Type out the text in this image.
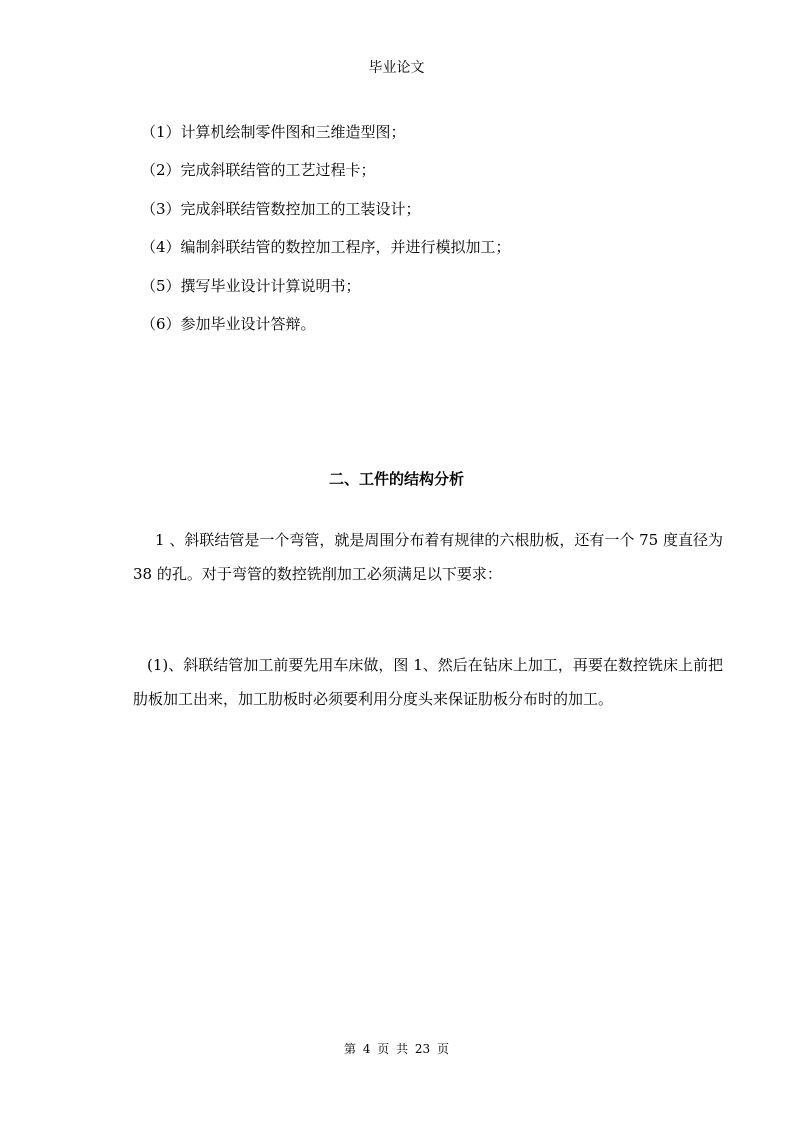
毕业论文

（1）计算机绘制零件图和三维造型图；
（2）完成斜联结管的工艺过程卡；
（3）完成斜联结管数控加工的工装设计；
（4）编制斜联结管的数控加工程序，并进行模拟加工；
（5）撰写毕业设计计算说明书；
（6）参加毕业设计答辩。
二、工件的结构分析

1 、斜联结管是一个弯管，就是周围分布着有规律的六根肋板，还有一个 75 度直径为 38 的孔。对于弯管的数控铣削加工必须满足以下要求：

(1)、斜联结管加工前要先用车床做，图 1、然后在钻床上加工，再要在数控铣床上前把肋板加工出来，加工肋板时必须要利用分度头来保证肋板分布时的加工。

第 4 页 共 23 页
